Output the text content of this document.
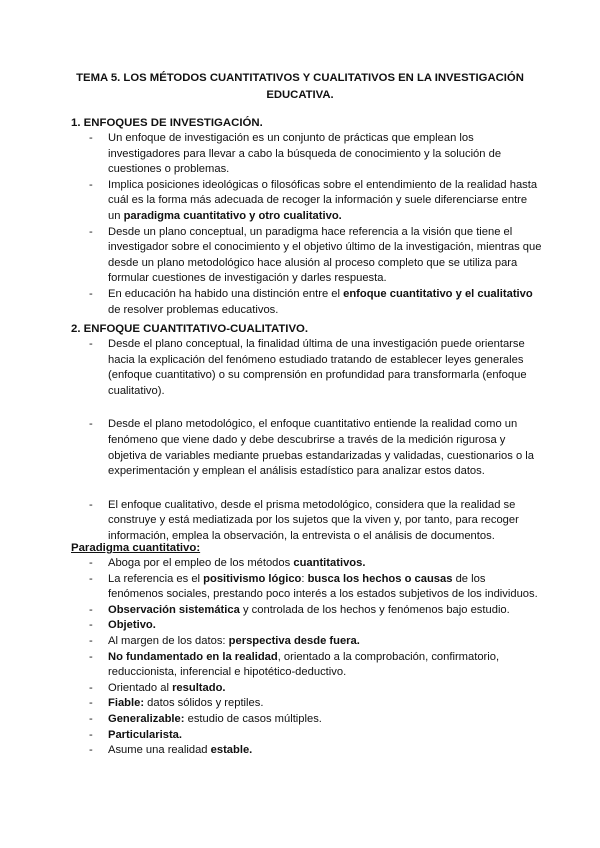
TEMA 5. LOS MÉTODOS CUANTITATIVOS Y CUALITATIVOS EN LA INVESTIGACIÓN EDUCATIVA.
1. ENFOQUES DE INVESTIGACIÓN.
- Un enfoque de investigación es un conjunto de prácticas que emplean los investigadores para llevar a cabo la búsqueda de conocimiento y la solución de cuestiones o problemas.
- Implica posiciones ideológicas o filosóficas sobre el entendimiento de la realidad hasta cuál es la forma más adecuada de recoger la información y suele diferenciarse entre un paradigma cuantitativo y otro cualitativo.
- Desde un plano conceptual, un paradigma hace referencia a la visión que tiene el investigador sobre el conocimiento y el objetivo último de la investigación, mientras que desde un plano metodológico hace alusión al proceso completo que se utiliza para formular cuestiones de investigación y darles respuesta.
- En educación ha habido una distinción entre el enfoque cuantitativo y el cualitativo de resolver problemas educativos.
2. ENFOQUE CUANTITATIVO-CUALITATIVO.
- Desde el plano conceptual, la finalidad última de una investigación puede orientarse hacia la explicación del fenómeno estudiado tratando de establecer leyes generales (enfoque cuantitativo) o su comprensión en profundidad para transformarla (enfoque cualitativo).
- Desde el plano metodológico, el enfoque cuantitativo entiende la realidad como un fenómeno que viene dado y debe descubrirse a través de la medición rigurosa y objetiva de variables mediante pruebas estandarizadas y validadas, cuestionarios o la experimentación y emplean el análisis estadístico para analizar estos datos.
- El enfoque cualitativo, desde el prisma metodológico, considera que la realidad se construye y está mediatizada por los sujetos que la viven y, por tanto, para recoger información, emplea la observación, la entrevista o el análisis de documentos.
Paradigma cuantitativo:
- Aboga por el empleo de los métodos cuantitativos.
- La referencia es el positivismo lógico: busca los hechos o causas de los fenómenos sociales, prestando poco interés a los estados subjetivos de los individuos.
- Observación sistemática y controlada de los hechos y fenómenos bajo estudio.
- Objetivo.
- Al margen de los datos: perspectiva desde fuera.
- No fundamentado en la realidad, orientado a la comprobación, confirmatorio, reduccionista, inferencial e hipotético-deductivo.
- Orientado al resultado.
- Fiable: datos sólidos y reptiles.
- Generalizable: estudio de casos múltiples.
- Particularista.
- Asume una realidad estable.
